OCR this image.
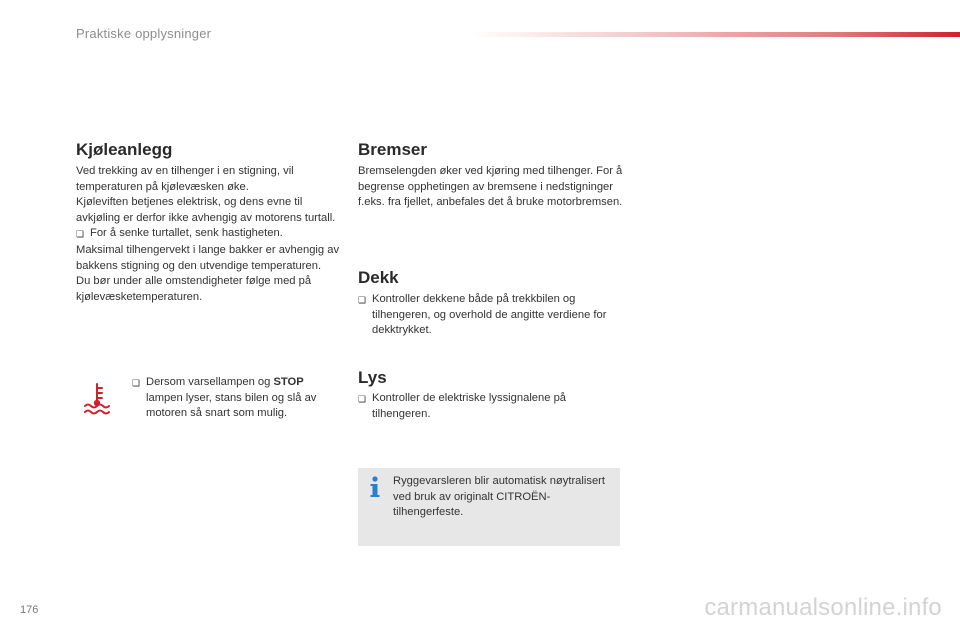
Praktiske opplysninger
Kjøleanlegg

Ved trekking av en tilhenger i en stigning, vil temperaturen på kjølevæsken øke.

Kjøleviften betjenes elektrisk, og dens evne til avkjøling er derfor ikke avhengig av motorens turtall.

❏ For å senke turtallet, senk hastigheten.

Maksimal tilhengervekt i lange bakker er avhengig av bakkens stigning og den utvendige temperaturen.

Du bør under alle omstendigheter følge med på kjølevæsketemperaturen.

❏ Dersom varsellampen og STOP lampen lyser, stans bilen og slå av motoren så snart som mulig.
Bremser

Bremselengden øker ved kjøring med tilhenger. For å begrense opphetingen av bremsene i nedstigninger f.eks. fra fjellet, anbefales det å bruke motorbremsen.

Dekk
❏ Kontroller dekkene både på trekkbilen og tilhengeren, og overhold de angitte verdiene for dekktrykket.
Lys
❏ Kontroller de elektriske lyssignalene på tilhengeren.
Ryggevarsleren blir automatisk nøytralisert ved bruk av originalt CITROËN-tilhengerfeste.
176	carmanualsonline.info
